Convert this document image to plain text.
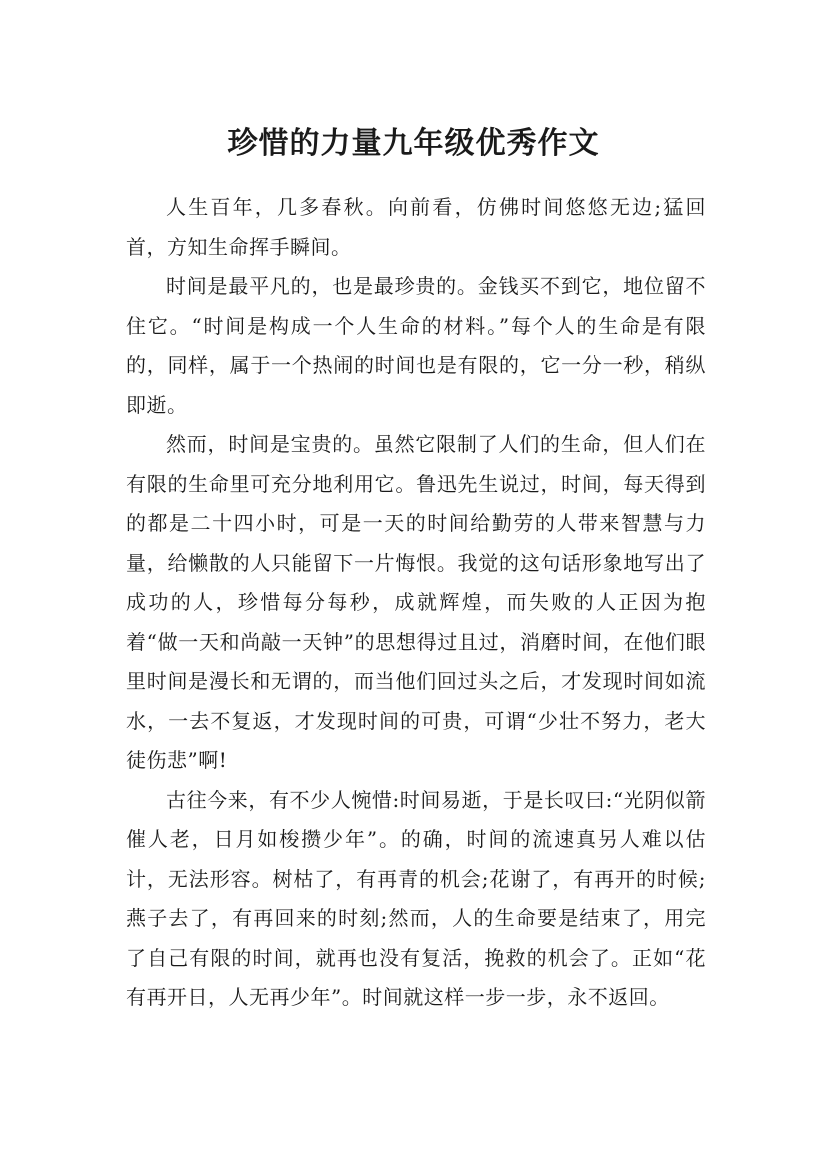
珍惜的力量九年级优秀作文

人生百年，几多春秋。向前看，仿佛时间悠悠无边;猛回首，方知生命挥手瞬间。

时间是最平凡的，也是最珍贵的。金钱买不到它，地位留不住它。“时间是构成一个人生命的材料。”每个人的生命是有限的，同样，属于一个热闹的时间也是有限的，它一分一秒，稍纵即逝。

然而，时间是宝贵的。虽然它限制了人们的生命，但人们在有限的生命里可充分地利用它。鲁迅先生说过，时间，每天得到的都是二十四小时，可是一天的时间给勤劳的人带来智慧与力量，给懒散的人只能留下一片悔恨。我觉的这句话形象地写出了成功的人，珍惜每分每秒，成就辉煌，而失败的人正因为抱着“做一天和尚敲一天钟”的思想得过且过，消磨时间，在他们眼里时间是漫长和无谓的，而当他们回过头之后，才发现时间如流水，一去不复返，才发现时间的可贵，可谓“少壮不努力，老大徒伤悲”啊!

古往今来，有不少人惋惜:时间易逝，于是长叹曰:“光阴似箭催人老，日月如梭攒少年”。的确，时间的流速真另人难以估计，无法形容。树枯了，有再青的机会;花谢了，有再开的时候;燕子去了，有再回来的时刻;然而，人的生命要是结束了，用完了自己有限的时间，就再也没有复活，挽救的机会了。正如“花有再开日，人无再少年”。时间就这样一步一步，永不返回。
